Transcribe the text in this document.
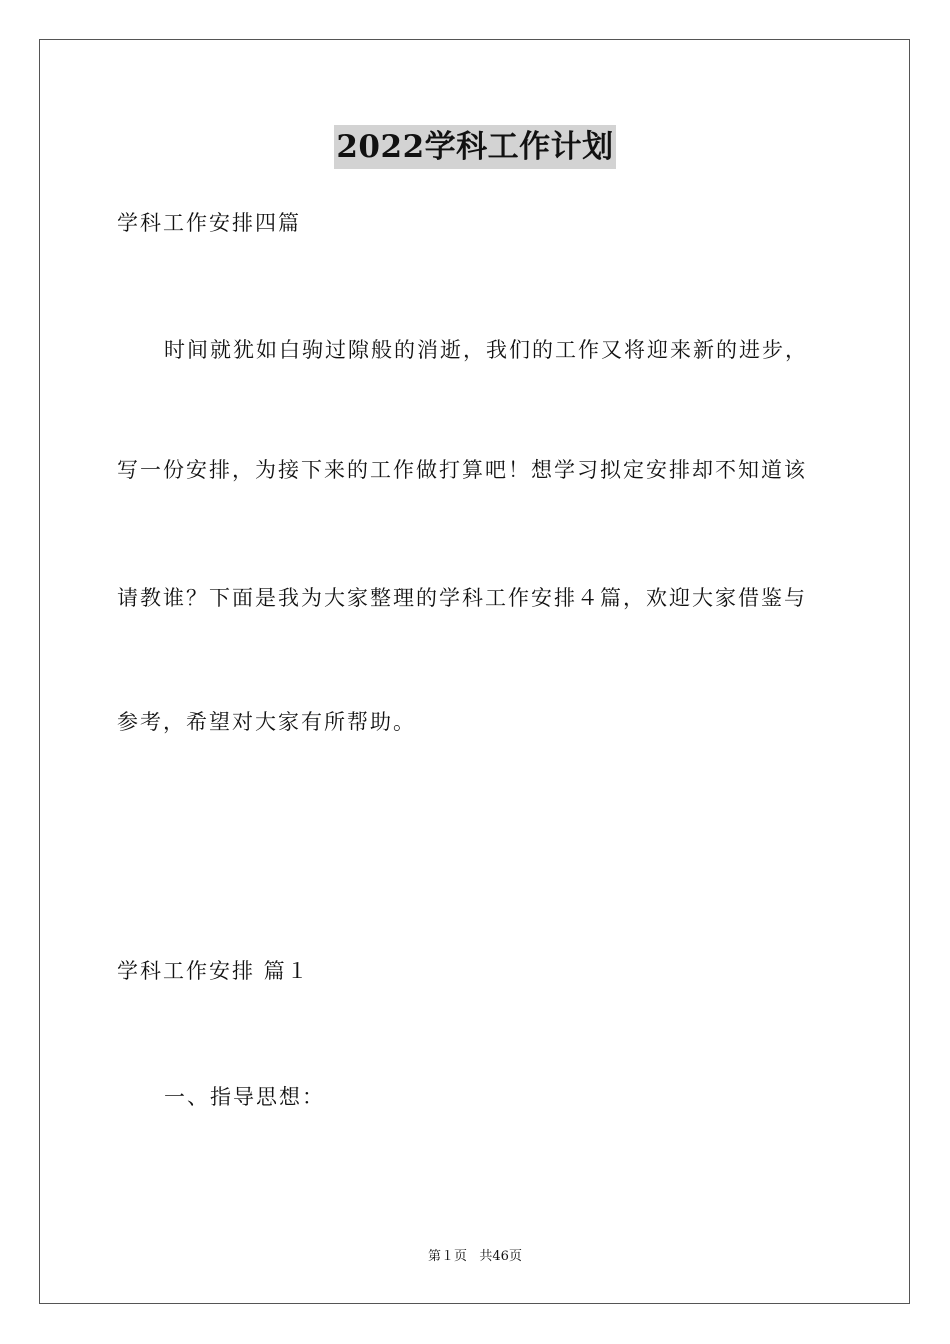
2022学科工作计划
学科工作安排四篇
时间就犹如白驹过隙般的消逝，我们的工作又将迎来新的进步，
写一份安排，为接下来的工作做打算吧！想学习拟定安排却不知道该
请教谁？下面是我为大家整理的学科工作安排４篇，欢迎大家借鉴与
参考，希望对大家有所帮助。
学科工作安排 篇１
一、指导思想：
第１页   共46页
